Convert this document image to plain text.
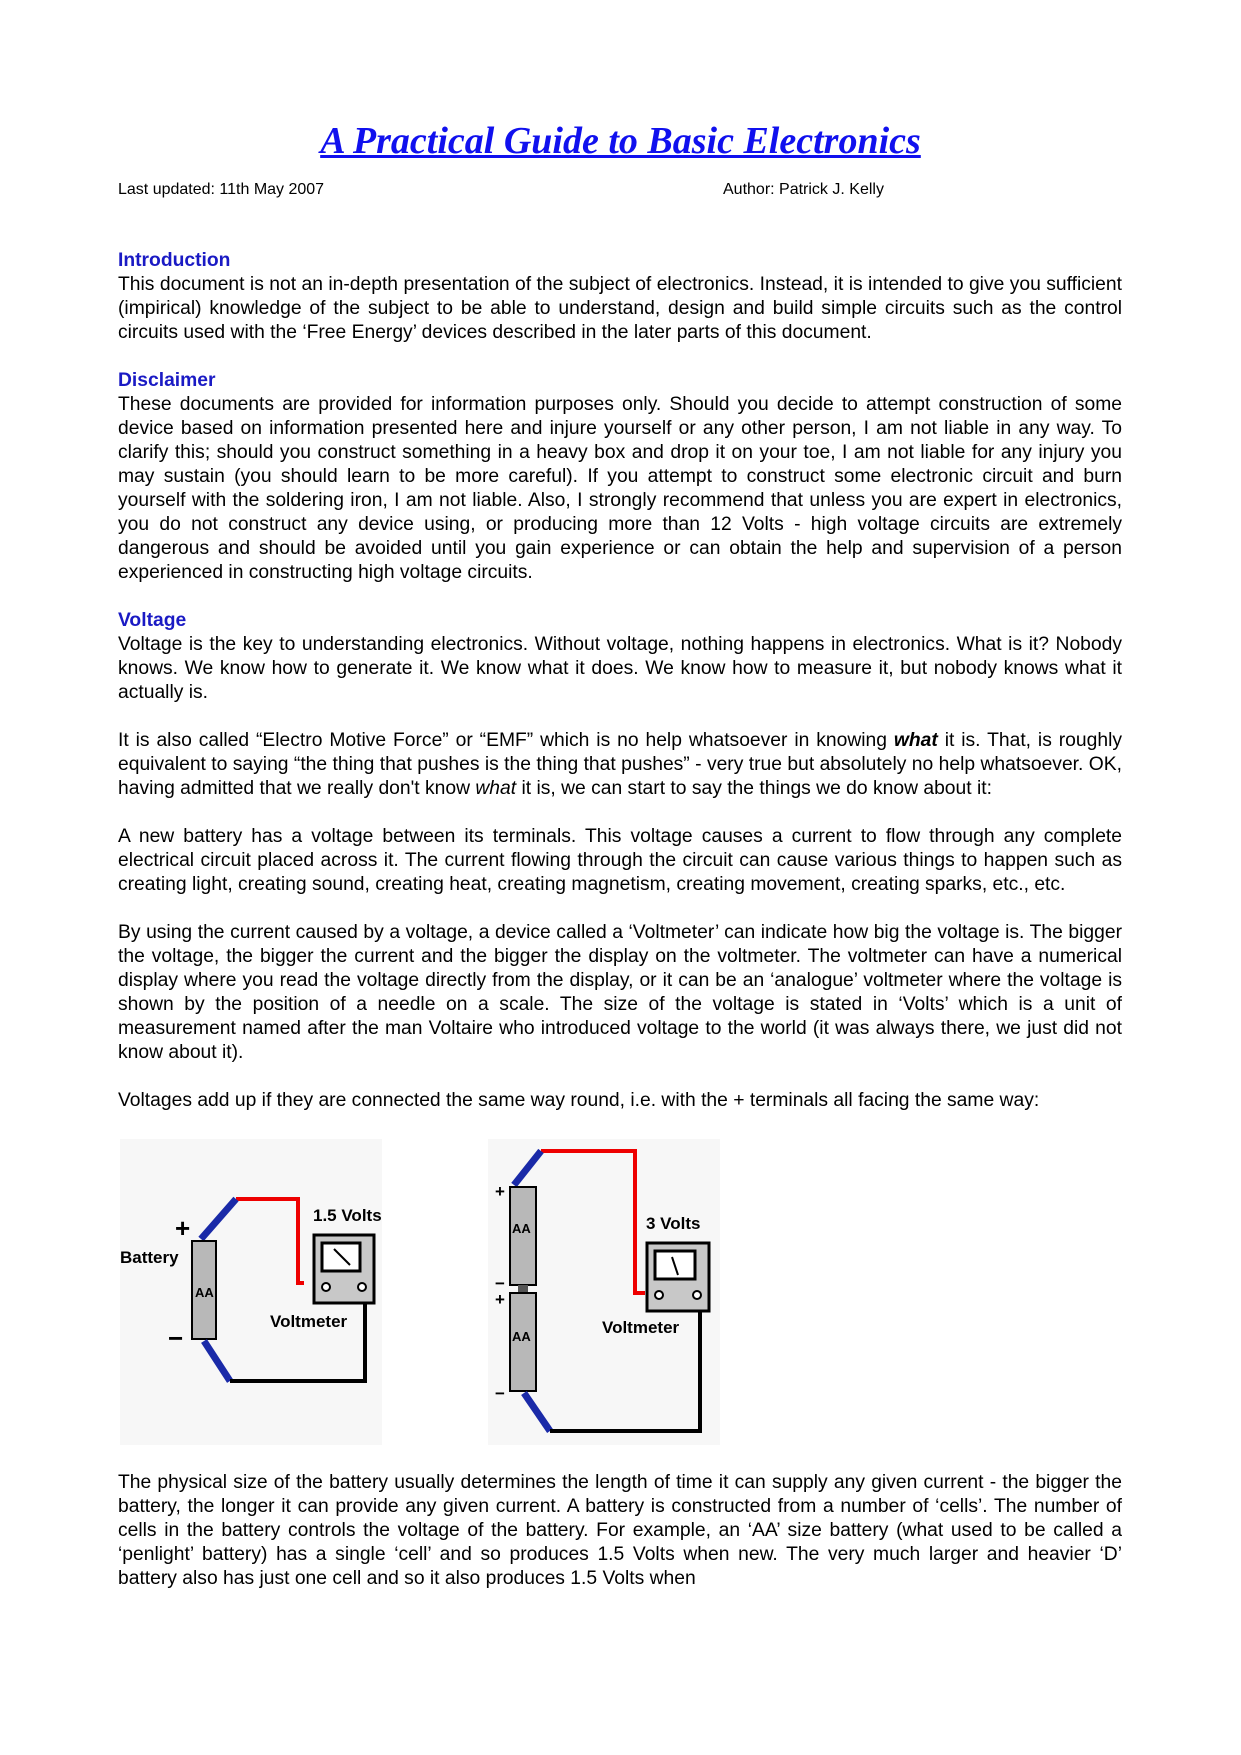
A Practical Guide to Basic Electronics
Last updated: 11th May 2007	Author: Patrick J. Kelly
Introduction

This document is not an in-depth presentation of the subject of electronics. Instead, it is intended to give you sufficient (impirical) knowledge of the subject to be able to understand, design and build simple circuits such as the control circuits used with the ‘Free Energy’ devices described in the later parts of this document.

Disclaimer

These documents are provided for information purposes only. Should you decide to attempt construction of some device based on information presented here and injure yourself or any other person, I am not liable in any way. To clarify this; should you construct something in a heavy box and drop it on your toe, I am not liable for any injury you may sustain (you should learn to be more careful). If you attempt to construct some electronic circuit and burn yourself with the soldering iron, I am not liable. Also, I strongly recommend that unless you are expert in electronics, you do not construct any device using, or producing more than 12 Volts - high voltage circuits are extremely dangerous and should be avoided until you gain experience or can obtain the help and supervision of a person experienced in constructing high voltage circuits.

Voltage

Voltage is the key to understanding electronics. Without voltage, nothing happens in electronics. What is it? Nobody knows. We know how to generate it. We know what it does. We know how to measure it, but nobody knows what it actually is.

It is also called “Electro Motive Force” or “EMF” which is no help whatsoever in knowing what it is. That, is roughly equivalent to saying “the thing that pushes is the thing that pushes” - very true but absolutely no help whatsoever. OK, having admitted that we really don't know what it is, we can start to say the things we do know about it:

A new battery has a voltage between its terminals. This voltage causes a current to flow through any complete electrical circuit placed across it. The current flowing through the circuit can cause various things to happen such as creating light, creating sound, creating heat, creating magnetism, creating movement, creating sparks, etc., etc.

By using the current caused by a voltage, a device called a ‘Voltmeter’ can indicate how big the voltage is. The bigger the voltage, the bigger the current and the bigger the display on the voltmeter. The voltmeter can have a numerical display where you read the voltage directly from the display, or it can be an ‘analogue’ voltmeter where the voltage is shown by the position of a needle on a scale. The size of the voltage is stated in ‘Volts’ which is a unit of measurement named after the man Voltaire who introduced voltage to the world (it was always there, we just did not know about it).

Voltages add up if they are connected the same way round, i.e. with the + terminals all facing the same way:

AA
+
−
Battery
1.5 Volts
Voltmeter
AA
AA
+
−
+
−
3 Volts
Voltmeter

The physical size of the battery usually determines the length of time it can supply any given current - the bigger the battery, the longer it can provide any given current. A battery is constructed from a number of ‘cells’. The number of cells in the battery controls the voltage of the battery. For example, an ‘AA’ size battery (what used to be called a ‘penlight’ battery) has a single ‘cell’ and so produces 1.5 Volts when new. The very much larger and heavier ‘D’ battery also has just one cell and so it also produces 1.5 Volts when
